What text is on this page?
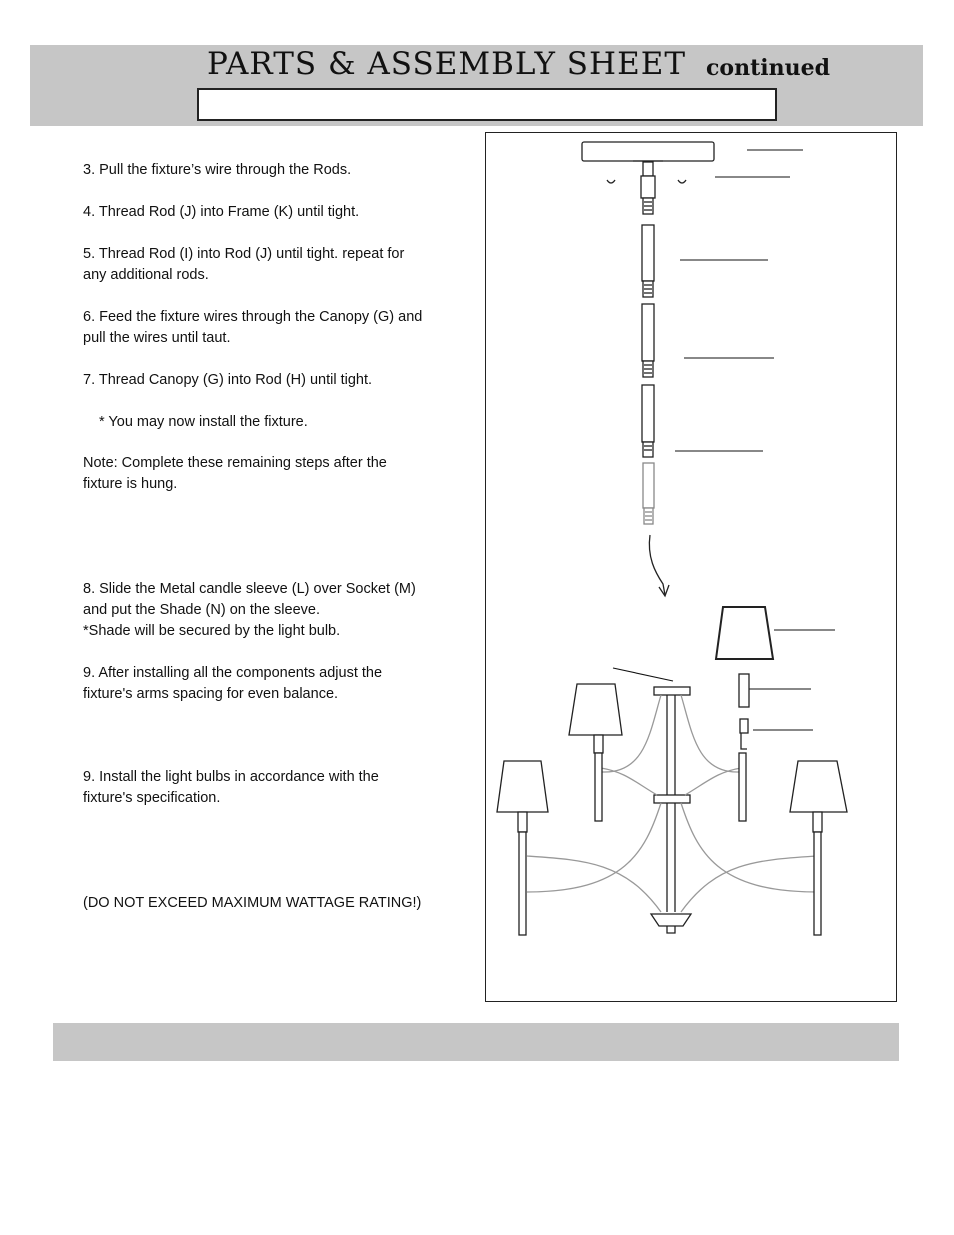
PARTS & ASSEMBLY SHEET continued

3. Pull the fixture’s wire through the Rods.

4. Thread Rod (J) into Frame (K) until tight.

5. Thread Rod (I) into Rod (J) until tight. repeat for
any additional rods.

6. Feed the fixture wires through the Canopy (G) and
pull the wires until taut.

7. Thread Canopy (G) into Rod (H) until tight.

* You may now install the fixture.

Note: Complete these remaining steps after the
fixture is hung.

8. Slide the Metal candle sleeve (L) over Socket (M)
and put the Shade (N) on the sleeve.
*Shade will be secured by the light bulb.

9. After installing all the components adjust the
fixture's arms spacing for even balance.

9. Install the light bulbs in accordance with the
fixture's specification.

(DO NOT EXCEED MAXIMUM WATTAGE RATING!)
